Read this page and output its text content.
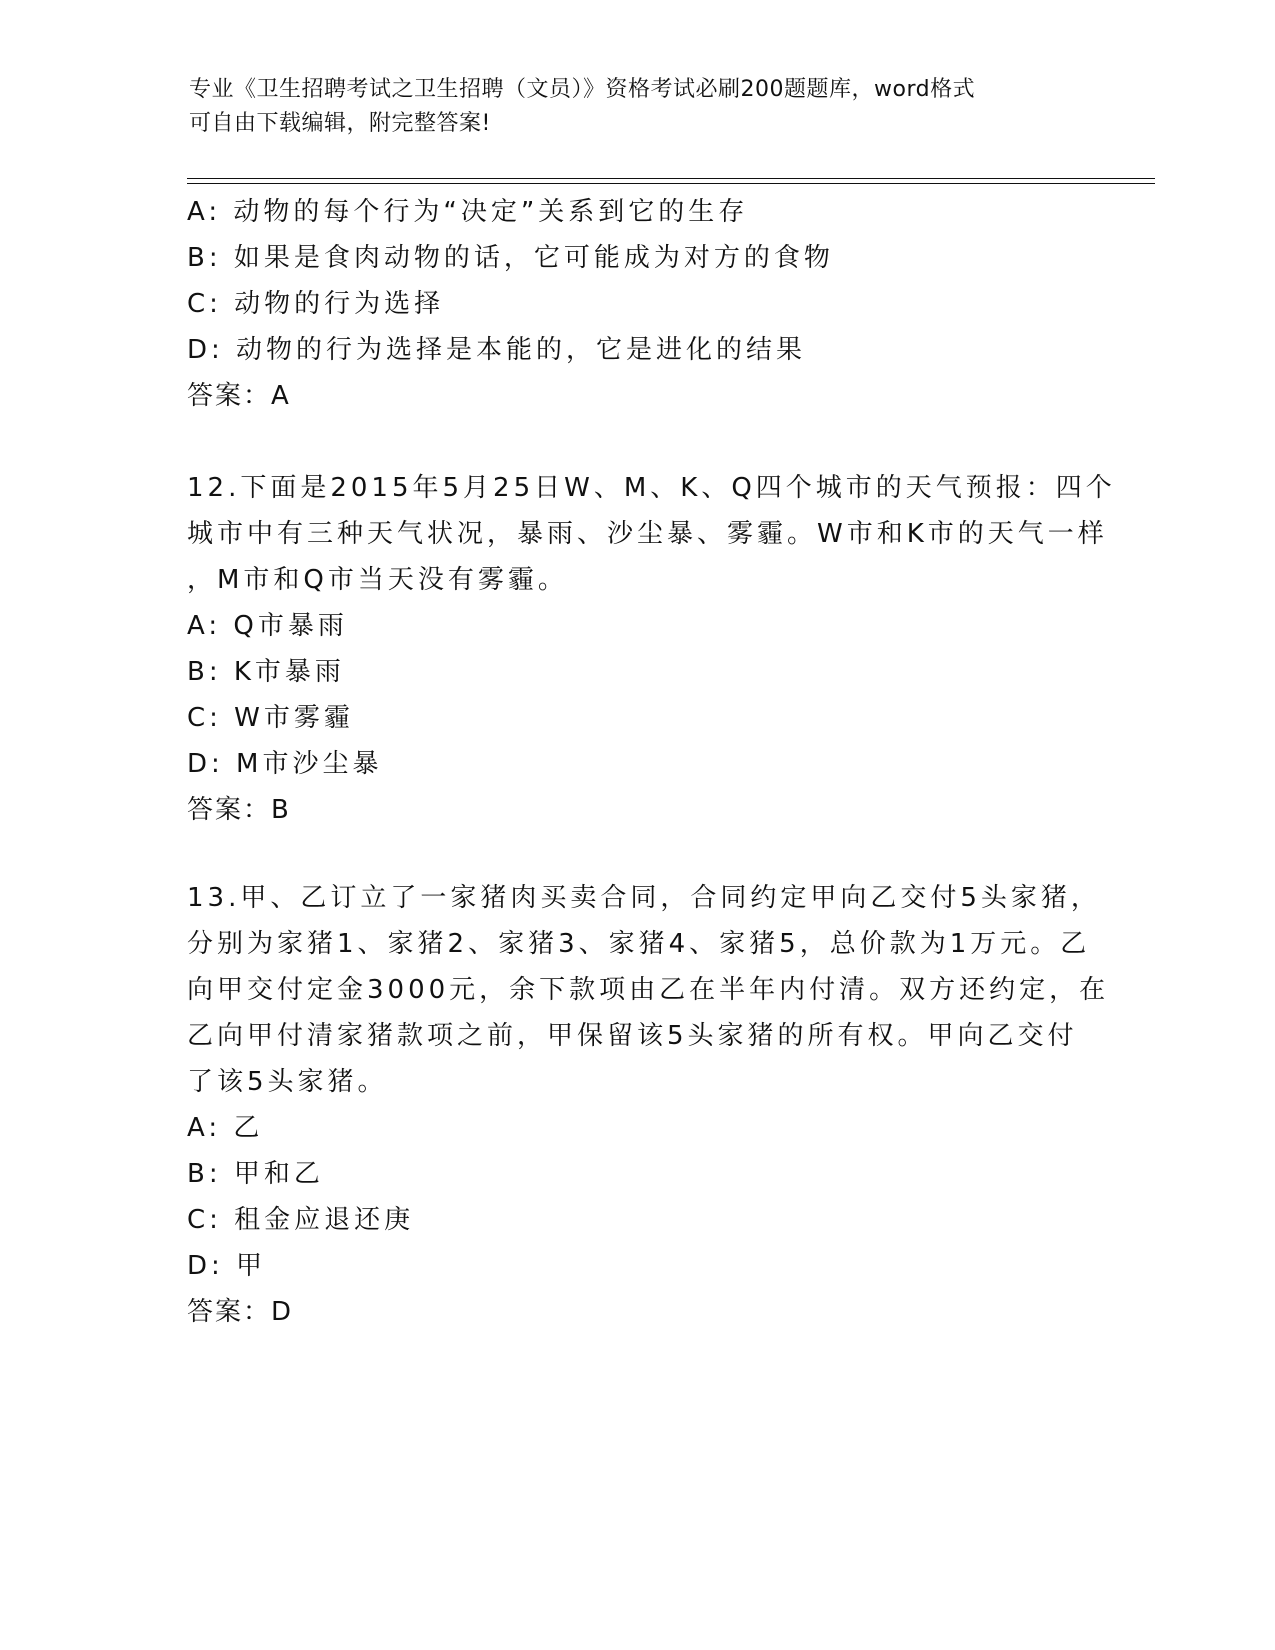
专业《卫生招聘考试之卫生招聘（文员）》资格考试必刷200题题库，word格式
可自由下载编辑，附完整答案!
A: 动物的每个行为“决定”关系到它的生存
B: 如果是食肉动物的话，它可能成为对方的食物
C: 动物的行为选择
D: 动物的行为选择是本能的，它是进化的结果
答案：A
12.下面是2015年5月25日W、M、K、Q四个城市的天气预报：四个
城市中有三种天气状况，暴雨、沙尘暴、雾霾。W市和K市的天气一样
，M市和Q市当天没有雾霾。
A: Q市暴雨
B: K市暴雨
C: W市雾霾
D: M市沙尘暴
答案：B
13.甲、乙订立了一家猪肉买卖合同，合同约定甲向乙交付5头家猪，
分别为家猪1、家猪2、家猪3、家猪4、家猪5，总价款为1万元。乙
向甲交付定金3000元，余下款项由乙在半年内付清。双方还约定，在
乙向甲付清家猪款项之前，甲保留该5头家猪的所有权。甲向乙交付
了该5头家猪。
A: 乙
B: 甲和乙
C: 租金应退还庚
D: 甲
答案：D
